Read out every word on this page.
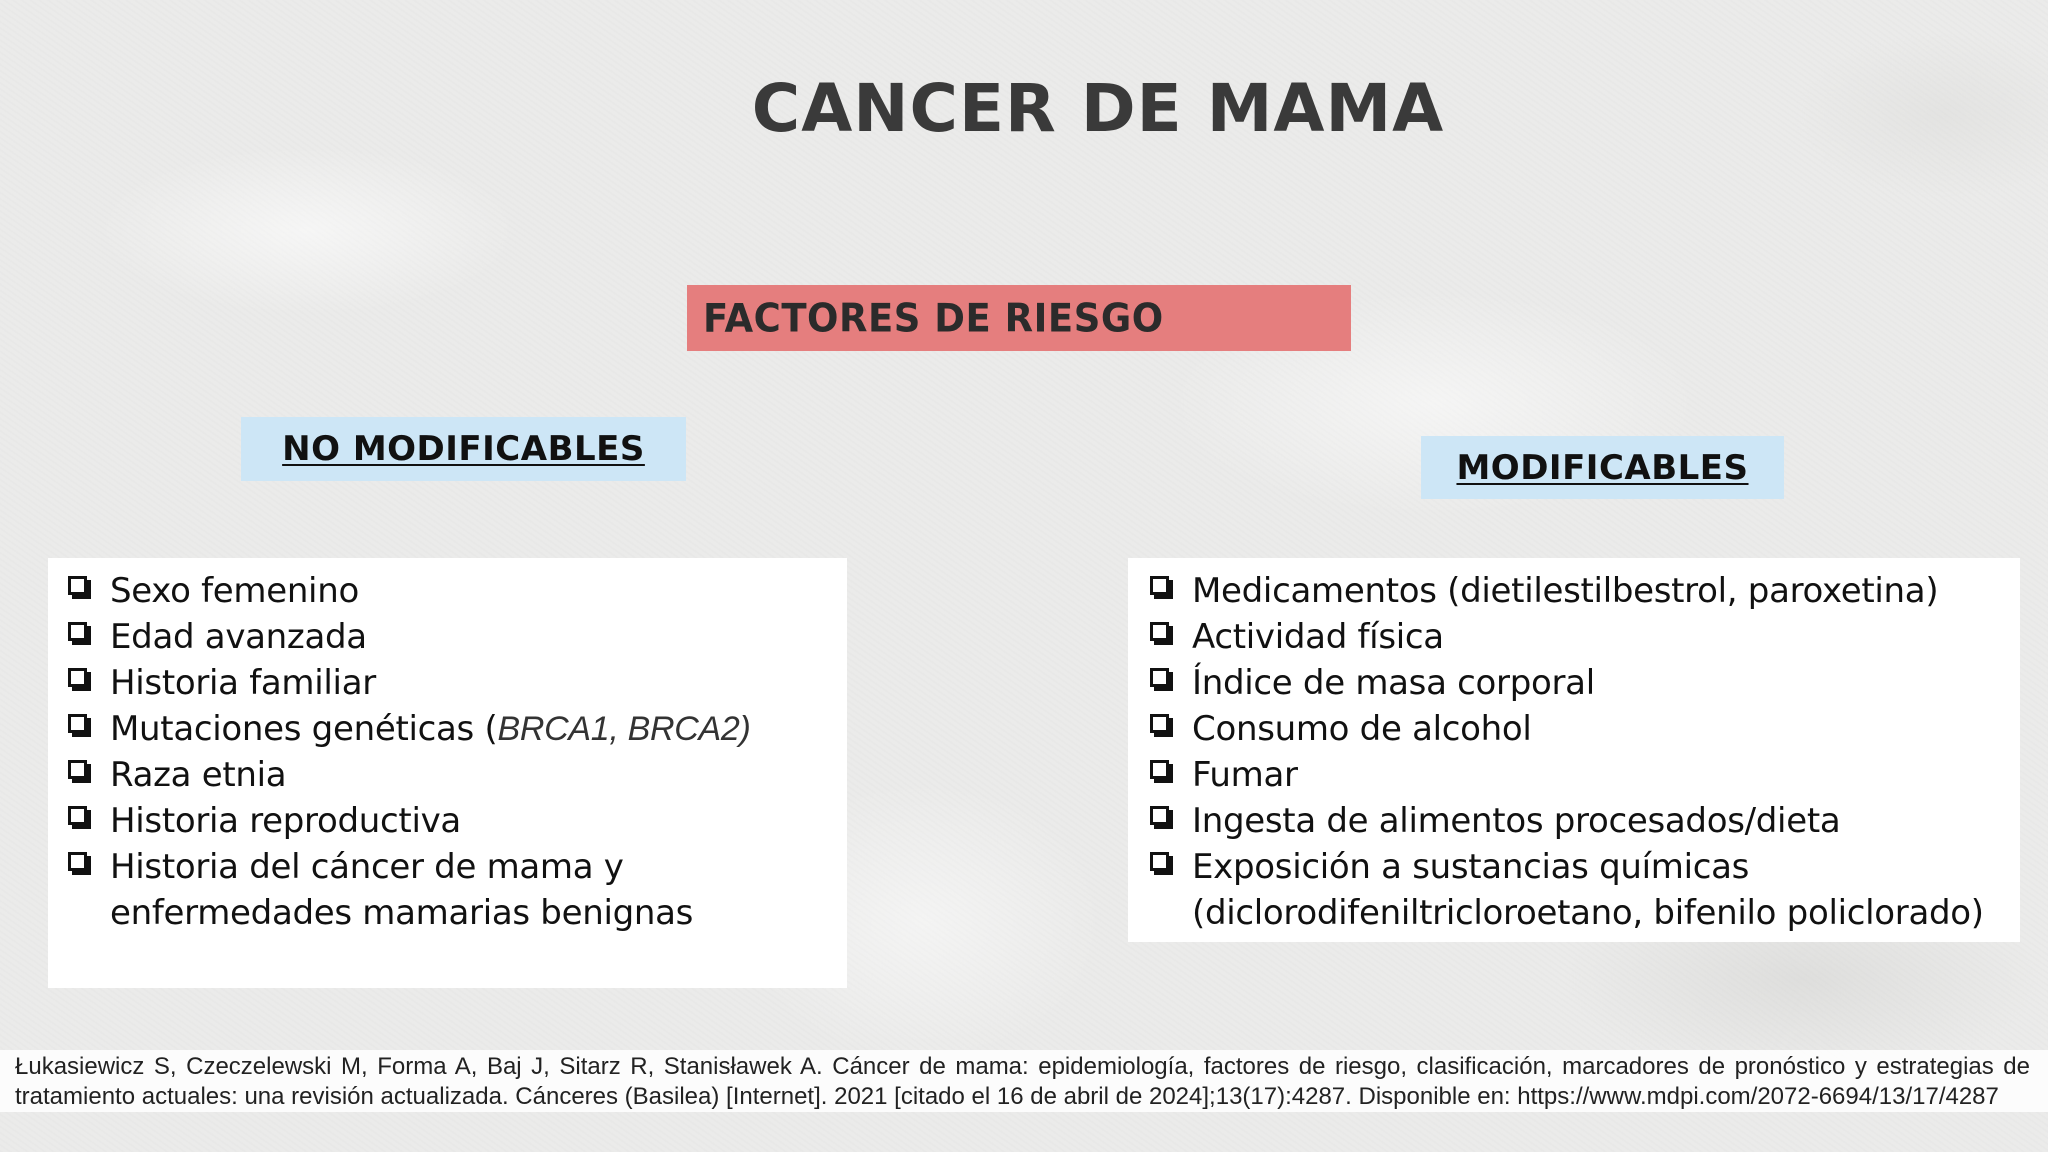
CANCER DE MAMA
FACTORES DE RIESGO
NO MODIFICABLES	MODIFICABLES
Sexo femenino
Edad avanzada
Historia familiar
Mutaciones genéticas (BRCA1, BRCA2)
Raza etnia
Historia reproductiva
Historia del cáncer de mama y
enfermedades mamarias benignas
Medicamentos (dietilestilbestrol, paroxetina)
Actividad física
Índice de masa corporal
Consumo de alcohol
Fumar
Ingesta de alimentos procesados/dieta
Exposición a sustancias químicas
(diclorodifeniltricloroetano, bifenilo policlorado)
Łukasiewicz S, Czeczelewski M, Forma A, Baj J, Sitarz R, Stanisławek A. Cáncer de mama: epidemiología, factores de riesgo, clasificación, marcadores de pronóstico y estrategias de tratamiento actuales: una revisión actualizada. Cánceres (Basilea) [Internet]. 2021 [citado el 16 de abril de 2024];13(17):4287. Disponible en: https://www.mdpi.com/2072-6694/13/17/4287
